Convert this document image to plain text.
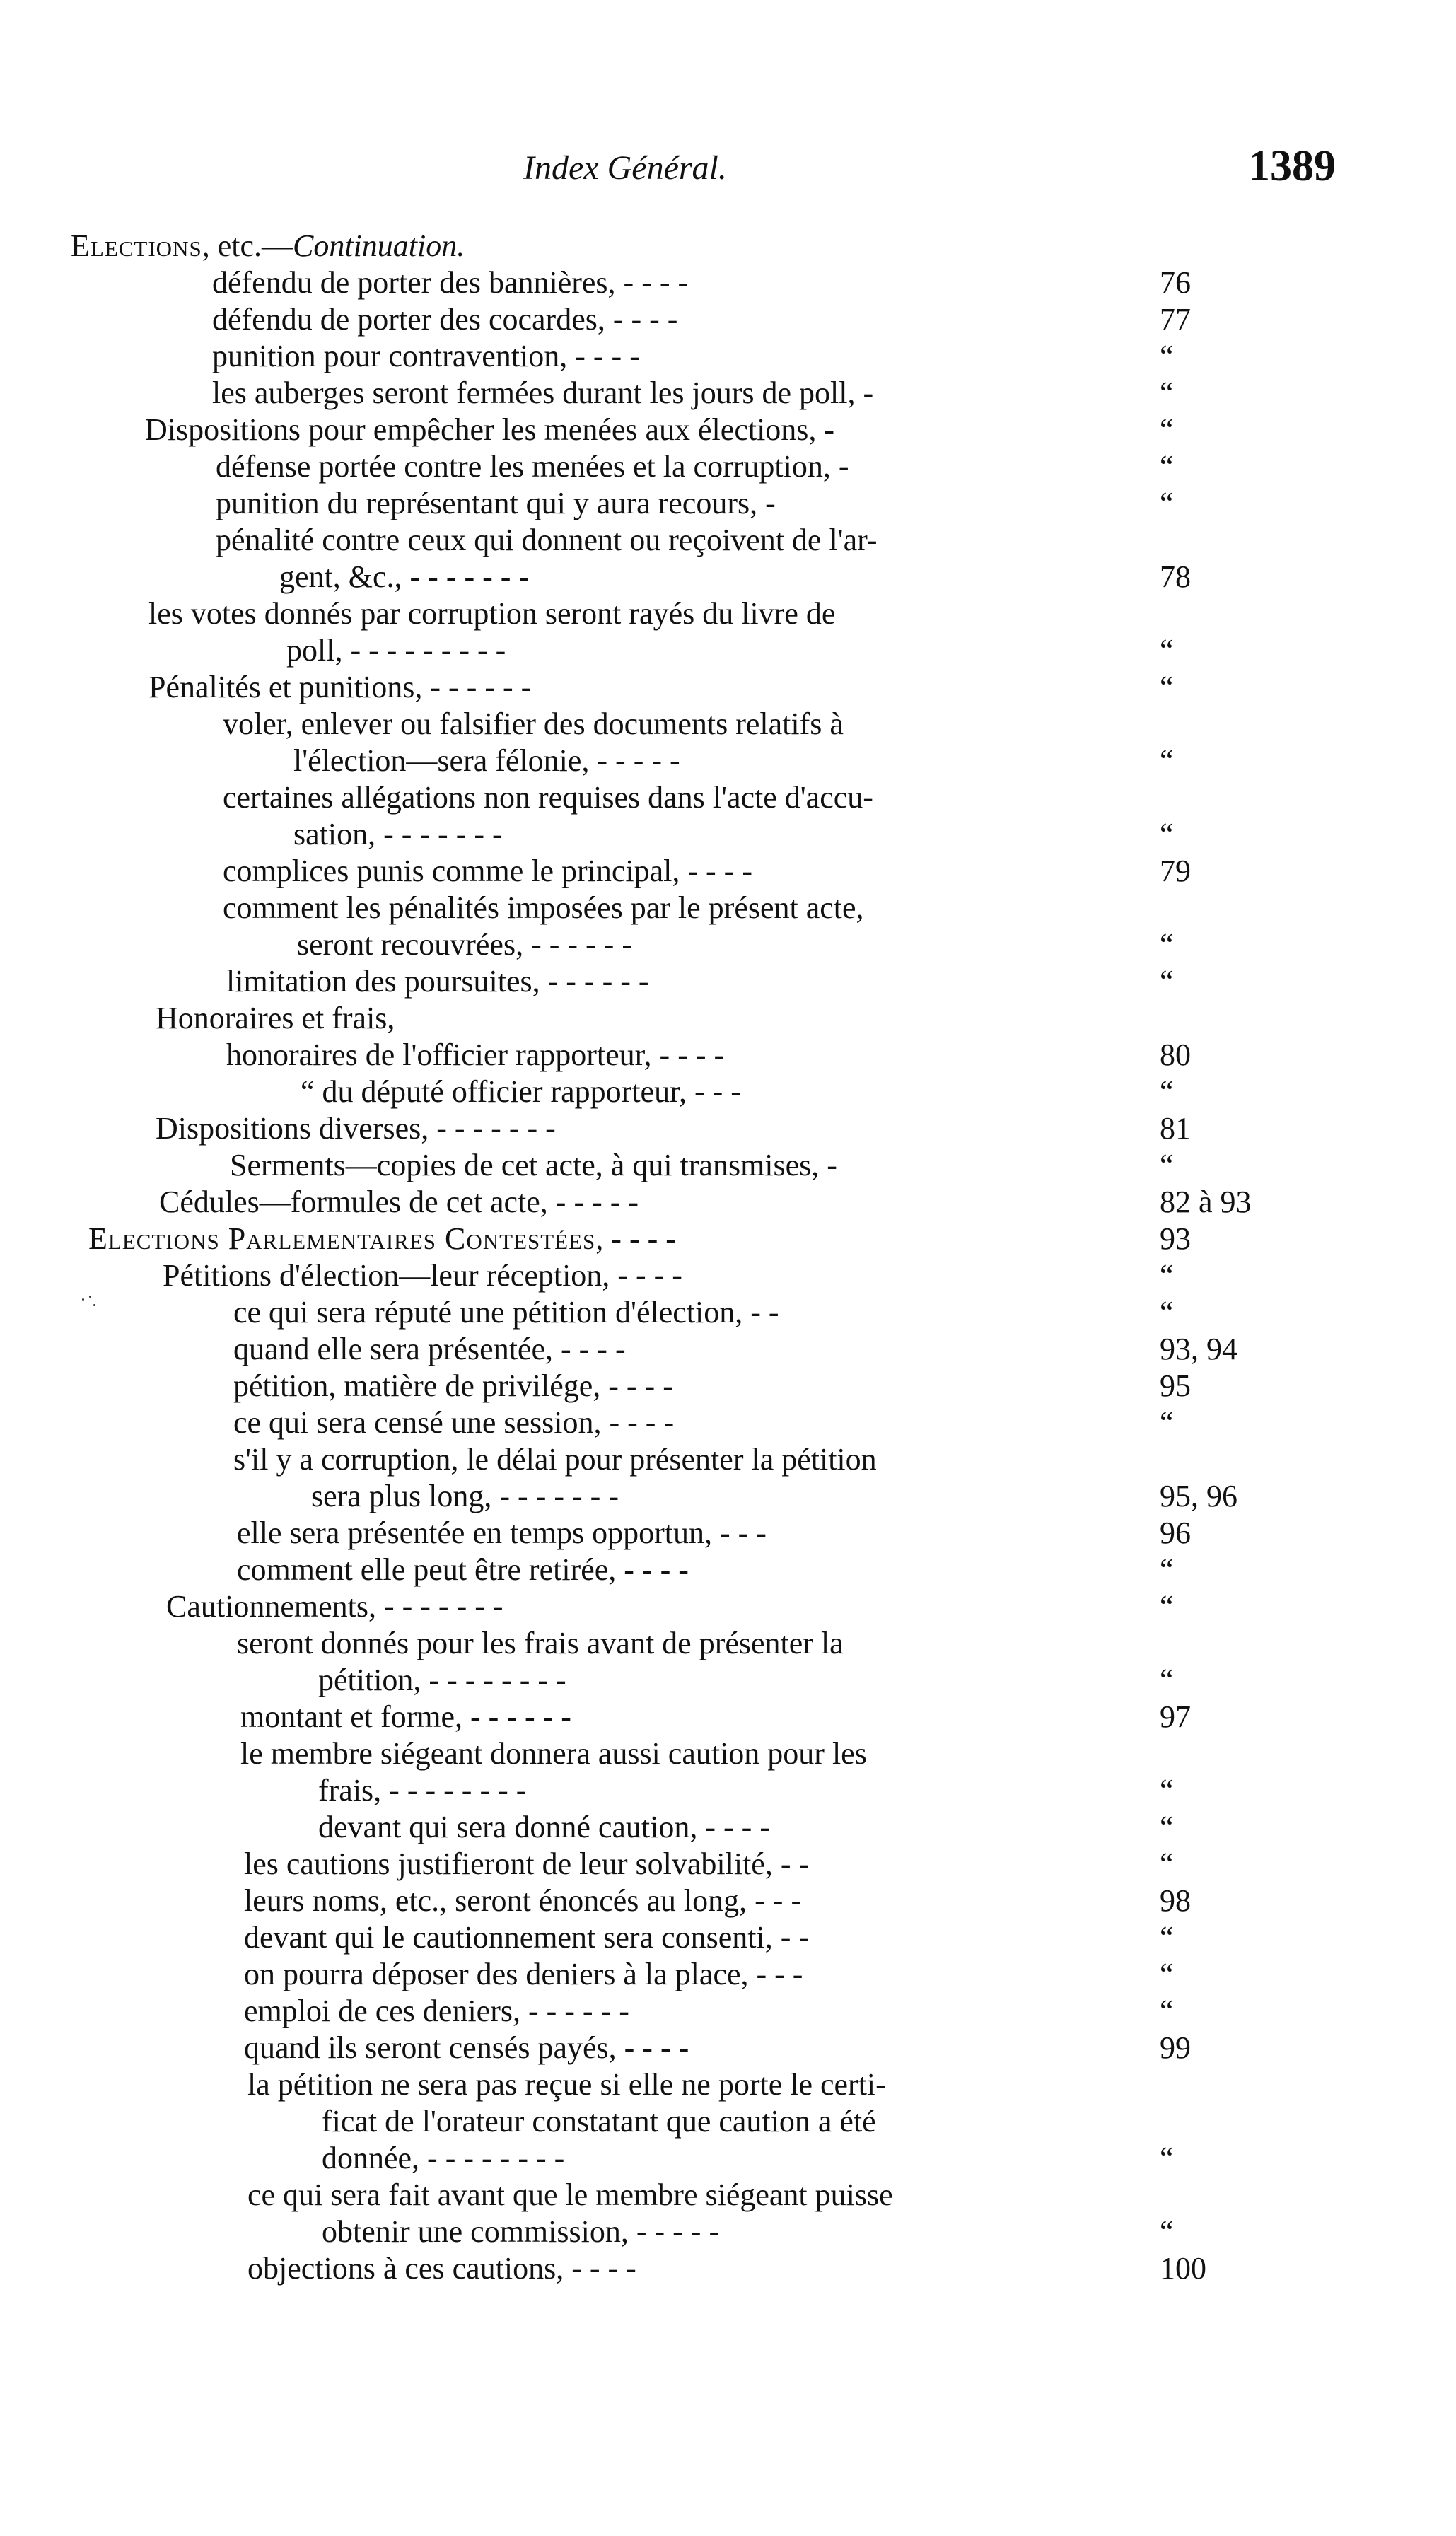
Index Général.	1389
Elections, etc.—Continuation.
défendu de porter des bannières, - - - -	76
défendu de porter des cocardes, - - - -	77
punition pour contravention, - - - -	“
les auberges seront fermées durant les jours de poll, -	“
Dispositions pour empêcher les menées aux élections, -	“
défense portée contre les menées et la corruption, -	“
punition du représentant qui y aura recours, -	“
pénalité contre ceux qui donnent ou reçoivent de l'ar-
gent, &c., - - - - - - -	78
les votes donnés par corruption seront rayés du livre de
poll, - - - - - - - - -	“
Pénalités et punitions, - - - - - -	“
voler, enlever ou falsifier des documents relatifs à
l'élection—sera félonie, - - - - -	“
certaines allégations non requises dans l'acte d'accu-
sation, - - - - - - -	“
complices punis comme le principal, - - - -	79
comment les pénalités imposées par le présent acte,
seront recouvrées, - - - - - -	“
limitation des poursuites, - - - - - -	“
Honoraires et frais,
honoraires de l'officier rapporteur, - - - -	80
“ du député officier rapporteur, - - -	“
Dispositions diverses, - - - - - - -	81
Serments—copies de cet acte, à qui transmises, -	“
Cédules—formules de cet acte, - - - - -	82 à 93
Elections Parlementaires Contestées, - - - -	93
Pétitions d'élection—leur réception, - - - -	“
ce qui sera réputé une pétition d'élection, - -	“
quand elle sera présentée, - - - -	93, 94
pétition, matière de privilége, - - - -	95
ce qui sera censé une session, - - - -	“
s'il y a corruption, le délai pour présenter la pétition
sera plus long, - - - - - - -	95, 96
elle sera présentée en temps opportun, - - -	96
comment elle peut être retirée, - - - -	“
Cautionnements, - - - - - - -	“
seront donnés pour les frais avant de présenter la
pétition, - - - - - - - -	“
montant et forme, - - - - - -	97
le membre siégeant donnera aussi caution pour les
frais, - - - - - - - -	“
devant qui sera donné caution, - - - -	“
les cautions justifieront de leur solvabilité, - -	“
leurs noms, etc., seront énoncés au long, - - -	98
devant qui le cautionnement sera consenti, - -	“
on pourra déposer des deniers à la place, - - -	“
emploi de ces deniers, - - - - - -	“
quand ils seront censés payés, - - - -	99
la pétition ne sera pas reçue si elle ne porte le certi-
ficat de l'orateur constatant que caution a été
donnée, - - - - - - - -	“
ce qui sera fait avant que le membre siégeant puisse
obtenir une commission, - - - - -	“
objections à ces cautions, - - - -	100
